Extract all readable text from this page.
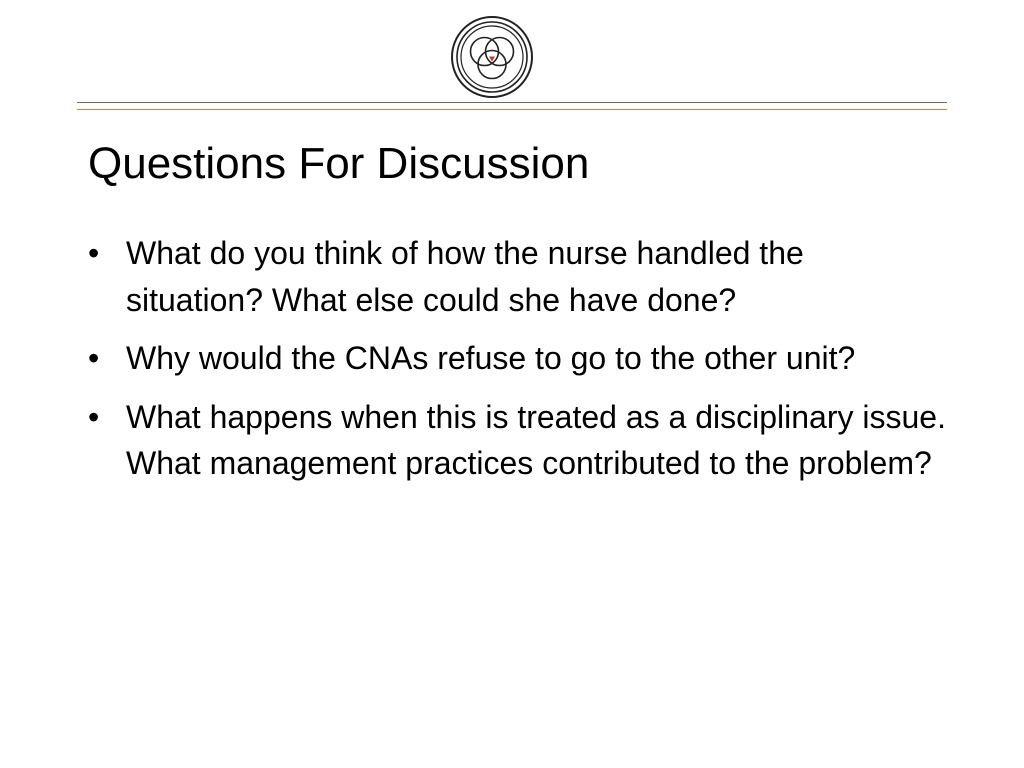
Questions For Discussion
• What do you think of how the nurse handled the situation? What else could she have done?
• Why would the CNAs refuse to go to the other unit?
• What happens when this is treated as a disciplinary issue. What management practices contributed to the problem?
